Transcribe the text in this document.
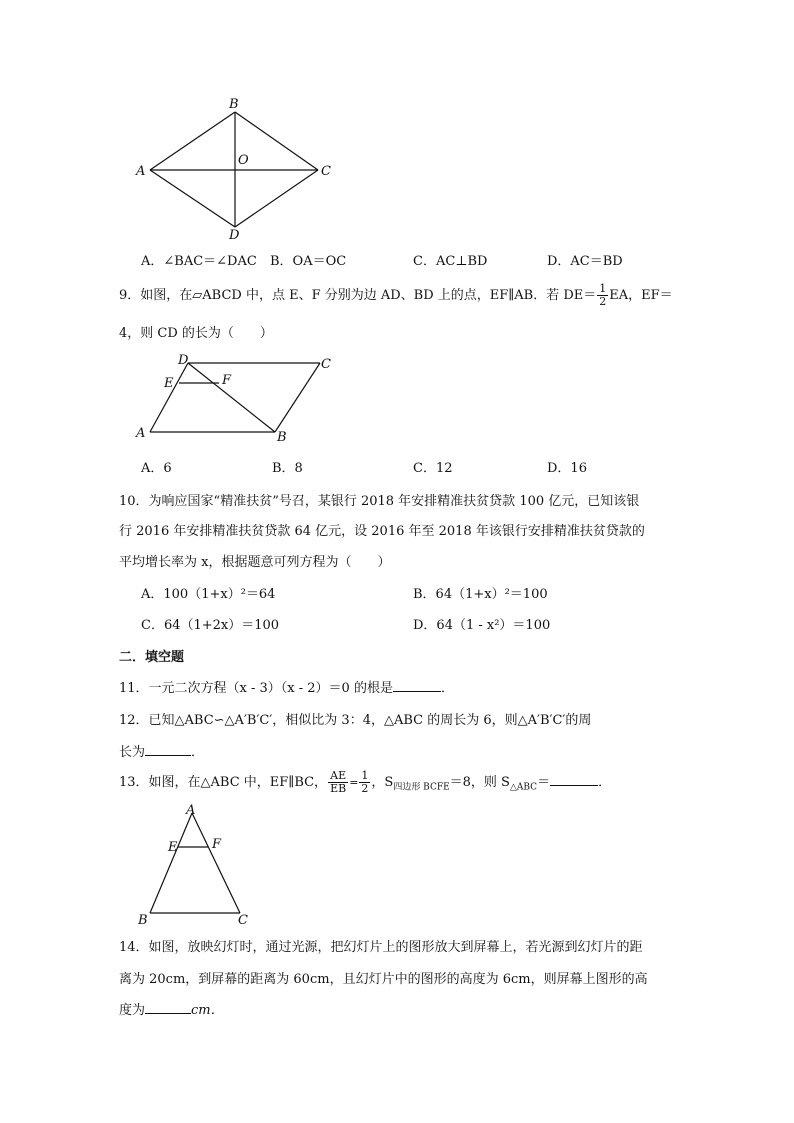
A
B
C
D
O
A．∠BAC＝∠DAC B．OA＝OC	C．AC⊥BD	D．AC＝BD
9．如图，在▱ABCD 中，点 E、F 分别为边 AD、BD 上的点，EF∥AB．若 $DE= \frac{1}{2}$ EA，EF＝
4，则 CD 的长为（　　）
D	C
E	F
A	B
A．6	B．8	C．12	D．16
10．为响应国家“精准扶贫”号召，某银行 2018 年安排精准扶贫贷款 100 亿元，已知该银
行 2016 年安排精准扶贫贷款 64 亿元，设 2016 年至 2018 年该银行安排精准扶贫贷款的
平均增长率为 x，根据题意可列方程为（　　）
A．100（1+x）²＝64	B．64（1+x）²＝100
C．64（1+2x）＝100	D．64（1 - x²）＝100
二．填空题
11．一元二次方程（x - 3）（x - 2）＝0 的根是	．
12．已知△ABC∽△A′B′C′，相似比为 3：4，△ABC 的周长为 6，则△A′B′C′的周
长为	．
13．如图，在△ABC 中，EF∥BC， $\frac{AE}{EB} = \frac{1}{2}$ ，$S_{四边形 BCFE}=8$，则 $S_{\triangle ABC}=$	．
A
E	F
B	C
14．如图，放映幻灯时，通过光源，把幻灯片上的图形放大到屏幕上，若光源到幻灯片的距
离为 20cm，到屏幕的距离为 60cm，且幻灯片中的图形的高度为 6cm，则屏幕上图形的高
度为	cm．
